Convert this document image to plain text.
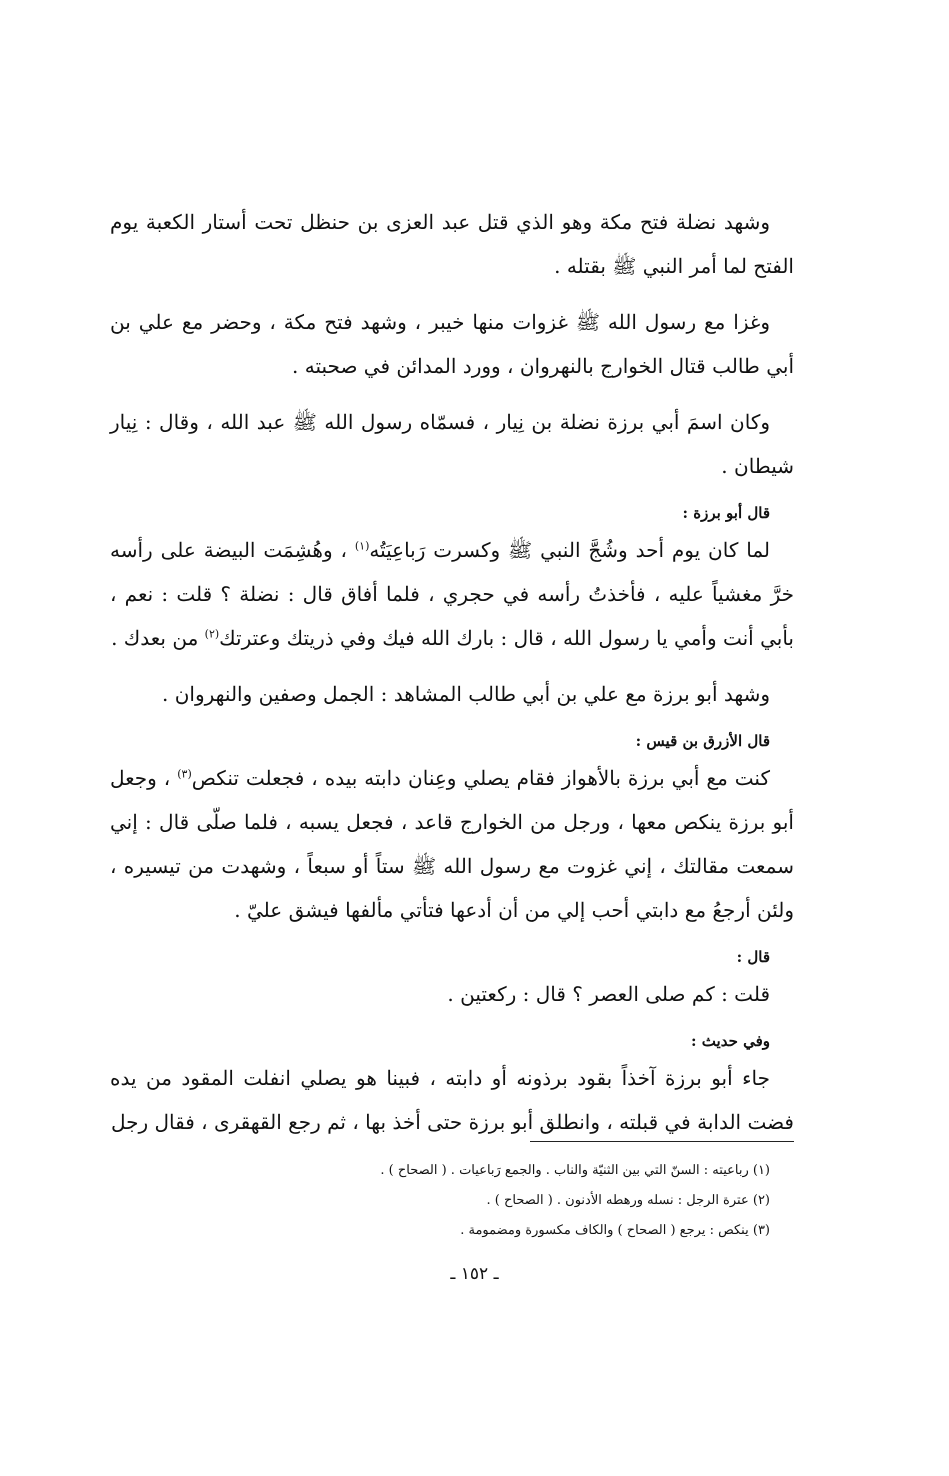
وشهد نضلة فتح مكة وهو الذي قتل عبد العزى بن حنظل تحت أستار الكعبة يوم الفتح لما أمر النبي ﷺ بقتله .

وغزا مع رسول الله ﷺ غزوات منها خيبر ، وشهد فتح مكة ، وحضر مع علي بن أبي طالب قتال الخوارج بالنهروان ، وورد المدائن في صحبته .

وكان اسمَ أبي برزة نضلة بن نِيار ، فسمّاه رسول الله ﷺ عبد الله ، وقال : نِيار شيطان .

قال أبو برزة :

لما كان يوم أحد وشُجَّ النبي ﷺ وكسرت رَباعِيَتُه$^{(١)}$ ، وهُشِمَت البيضة على رأسه خرَّ مغشياً عليه ، فأخذتُ رأسه في حجري ، فلما أفاق قال : نضلة ؟ قلت : نعم ، بأبي أنت وأمي يا رسول الله ، قال : بارك الله فيك وفي ذريتك وعترتك$^{(٢)}$ من بعدك .

وشهد أبو برزة مع علي بن أبي طالب المشاهد : الجمل وصفين والنهروان .

قال الأزرق بن قيس :

كنت مع أبي برزة بالأهواز فقام يصلي وعِنان دابته بيده ، فجعلت تنكص$^{(٣)}$ ، وجعل أبو برزة ينكص معها ، ورجل من الخوارج قاعد ، فجعل يسبه ، فلما صلّى قال : إني سمعت مقالتك ، إني غزوت مع رسول الله ﷺ ستاً أو سبعاً ، وشهدت من تيسيره ، ولئن أرجعُ مع دابتي أحب إلي من أن أدعها فتأتي مألفها فيشق عليّ .

قال :

قلت : كم صلى العصر ؟ قال : ركعتين .

وفي حديث :

جاء أبو برزة آخذاً بقود برذونه أو دابته ، فبينا هو يصلي انفلت المقود من يده فضت الدابة في قبلته ، وانطلق أبو برزة حتى أخذ بها ، ثم رجع القهقرى ، فقال رجل

(١) رباعيته : السنّ التي بين الثنيّة والناب . والجمع رَباعيات . ( الصحاح ) .
(٢) عترة الرجل : نسله ورهطه الأدنون . ( الصحاح ) .
(٣) ينكص : يرجع ( الصحاح ) والكاف مكسورة ومضمومة .
ـ ١٥٢ ـ
